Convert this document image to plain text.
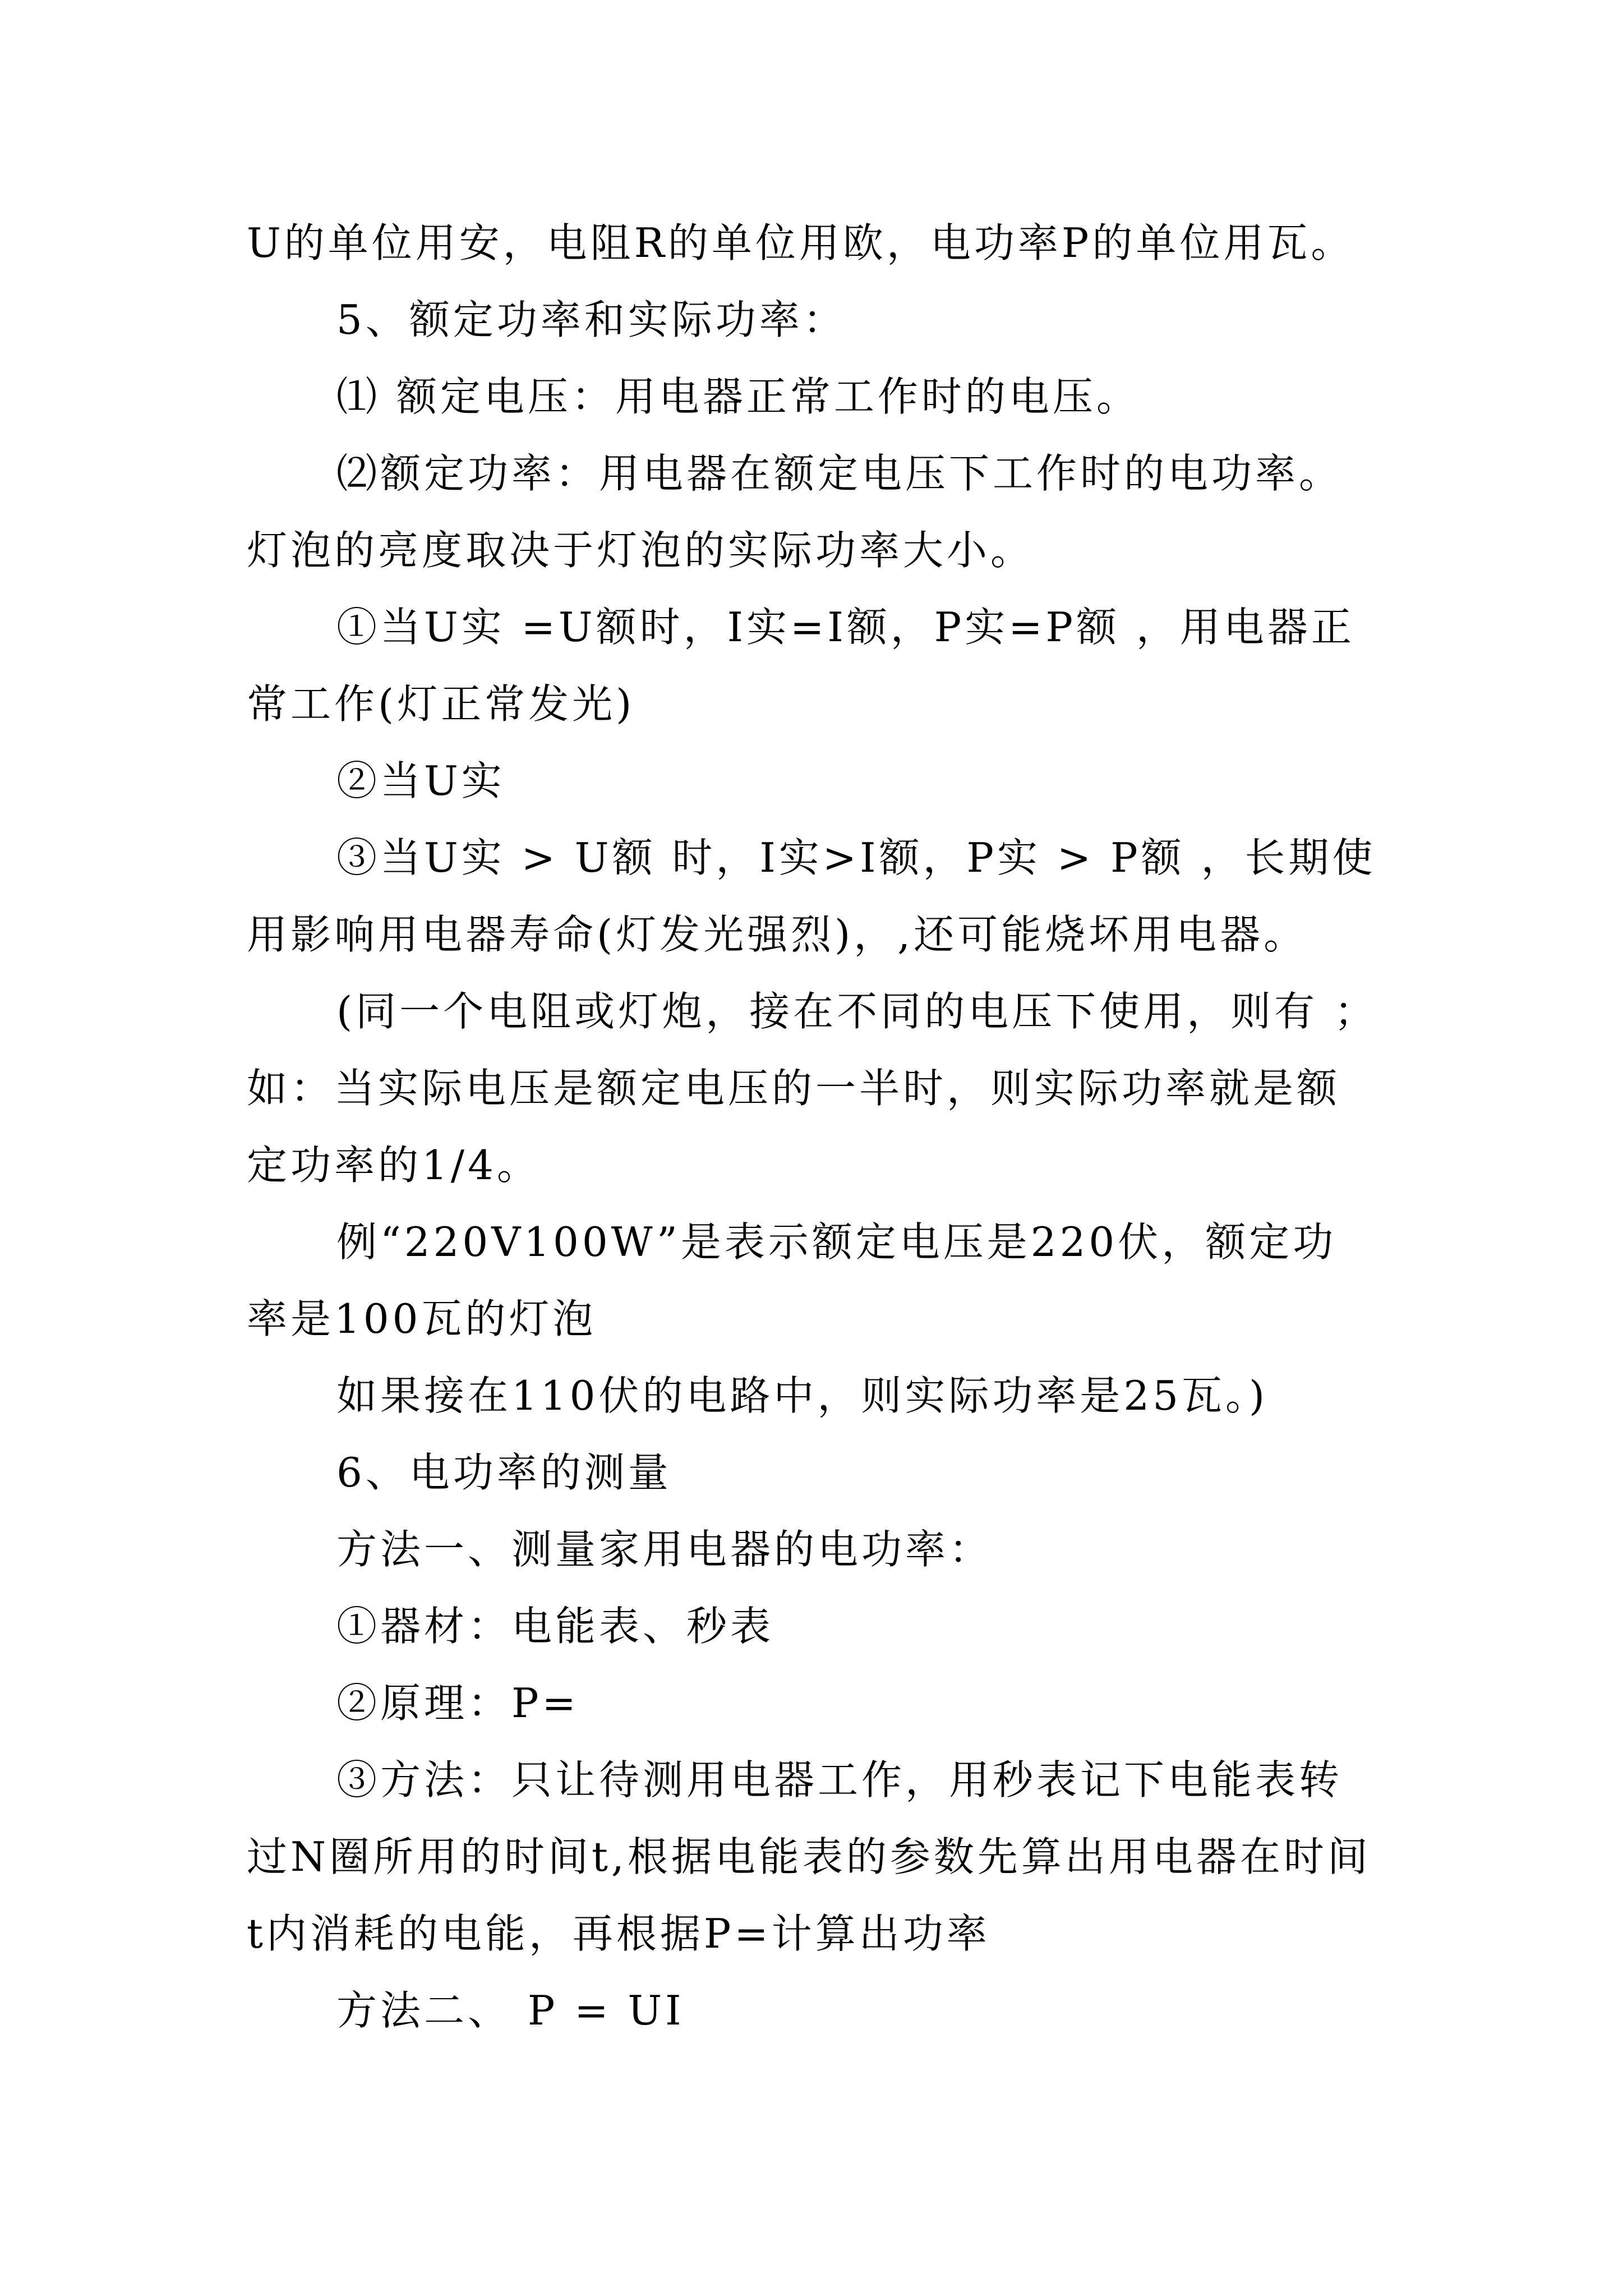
U的单位用安，电阻R的单位用欧，电功率P的单位用瓦。

5、额定功率和实际功率：

⑴ 额定电压：用电器正常工作时的电压。

⑵额定功率：用电器在额定电压下工作时的电功率。灯泡的亮度取决于灯泡的实际功率大小。

①当U实 =U额时，I实=I额，P实=P额 ，用电器正常工作(灯正常发光)

②当U实

③当U实 > U额 时，I实>I额，P实 > P额 ，长期使用影响用电器寿命(灯发光强烈)，,还可能烧坏用电器。

(同一个电阻或灯炮，接在不同的电压下使用，则有 ；如：当实际电压是额定电压的一半时，则实际功率就是额定功率的1/4。

例“220V100W”是表示额定电压是220伏，额定功率是100瓦的灯泡

如果接在110伏的电路中，则实际功率是25瓦。)

6、电功率的测量

方法一、测量家用电器的电功率：

①器材：电能表、秒表

②原理：P=

③方法：只让待测用电器工作，用秒表记下电能表转过N圈所用的时间t,根据电能表的参数先算出用电器在时间t内消耗的电能，再根据P=计算出功率

方法二、 P = UI
